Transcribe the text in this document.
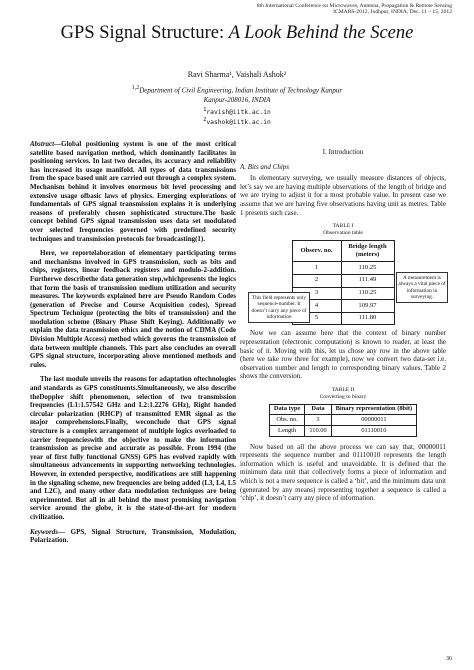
8th International Conference on Microwaves, Antenna, Propagation & Remote Sensing
ICMARS-2012, Jodhpur, INDIA, Dec. 11 – 15, 2012
GPS Signal Structure: A Look Behind the Scene
Ravi Sharma¹, Vaishali Ashok²
$^{1,2}$Department of Civil Engineering, Indian Institute of Technology Kanpur
Kanpur-208016, INDIA
$^1$ravish@iitk.ac.in
$^2$vashok@iitk.ac.in

Abstract—Global positioning system is one of the most critical satellite based navigation method, which dominantly facilitates in positioning services. In last two decades, its accuracy and reliability has increased its usage manifold. All types of data transmissions from the space based unit are carried out through a complex system. Mechanism behind it involves enormous bit level processing and extensive usage ofbasic laws of physics. Emerging explorations of fundamentals of GPS signal transmission explains it is underlying reasons of preferably chosen sophisticated structure.The basic concept behind GPS signal transmission uses data set modulated over selected frequencies governed with predefined security techniques and transmission protocols for broadcasting(1).

Here, we reportelaboration of elementary participating terms and mechanisms involved in GPS transmission, such as bits and chips, registers, linear feedback registers and modulo-2-addition. Furtherwe describethe data generation step,whichpresents the logics that form the basis of transmission medium utilization and security measures. The keywords explained here are Pseudo Random Codes (generation of Precise and Course Acquisition codes), Spread Spectrum Technique (protecting the bits of transmission) and the modulation scheme (Binary Phase Shift Keying). Additionally we explain the data transmission ethics and the notion of CDMA (Code Division Multiple Access) method which governs the transmission of data between multiple channels. This part also concludes an overall GPS signal structure, incorporating above mentioned methods and rules.

The last module unveils the reasons for adaptation oftechnologies and standards as GPS constituents.Simultaneously, we also describe theDoppler shift phenomenon, selection of two transmission frequencies (L1:1.57542 GHz and L2:1.2276 GHz), Right handed circular polarization (RHCP) of transmitted EMR signal as the major comprehensions.Finally, weconclude that GPS signal structure is a complex arrangement of multiple logics overloaded to carrier frequencieswith the objective to make the information transmission as precise and accurate as possible. From 1994 (the year of first fully functional GNSS) GPS has evolved rapidly with simultaneous advancements in supporting networking technologies. However, in extended perspective, modifications are still happening in the signaling scheme, new frequencies are being added (L3, L4, L5 and L2C), and many other data modulation techniques are being experimented. But all in all behind the most promising navigation service around the globe, it is the state-of-the-art for modern civilization.

Keywords— GPS, Signal Structure, Transmission, Modulation, Polarization.

I. Introduction
A. Bits and Chips

In elementary surveying, we usually measure distances of objects, let’s say we are having multiple observations of the length of bridge and we are trying to adjust it for a most probable value. In present case we assume that we are having five observations having unit as metres. Table 1 presents such case.

TABLE I
Observation table
Observ. no.	Bridge length (meters)
1	110.25
2	111.49
3	110.25
4	109.97
5	111.80

Now we can assume here that the context of binary number representation (electronic computation) is known to reader, at least the basic of it. Moving with this, let us chose any row in the above table (here we take row three for example), now we convert two data-set i.e. observation number and length to corresponding binary values. Table 2 shows the conversion.

TABLE II
Converting to binary
Data type	Data	Binary representation (8bit)
Obs. no.	3	00000011
Length	110.00	01110010

Now based on all the above process we can say that, 00000011 represents the sequence number and 01110010 represents the length information which is useful and unavoidable. It is defined that the minimum data unit that collectively forms a piece of information and which is not a mere sequence is called a ‘bit’, and the minimum data unit (generated by any means) representing together a sequence is called a ‘chip’, it doesn’t carry any piece of information.

This field represents only sequence-number. It doesn’t carry any piece of information
A measurement is always a vital piece of information in surveying.
36
